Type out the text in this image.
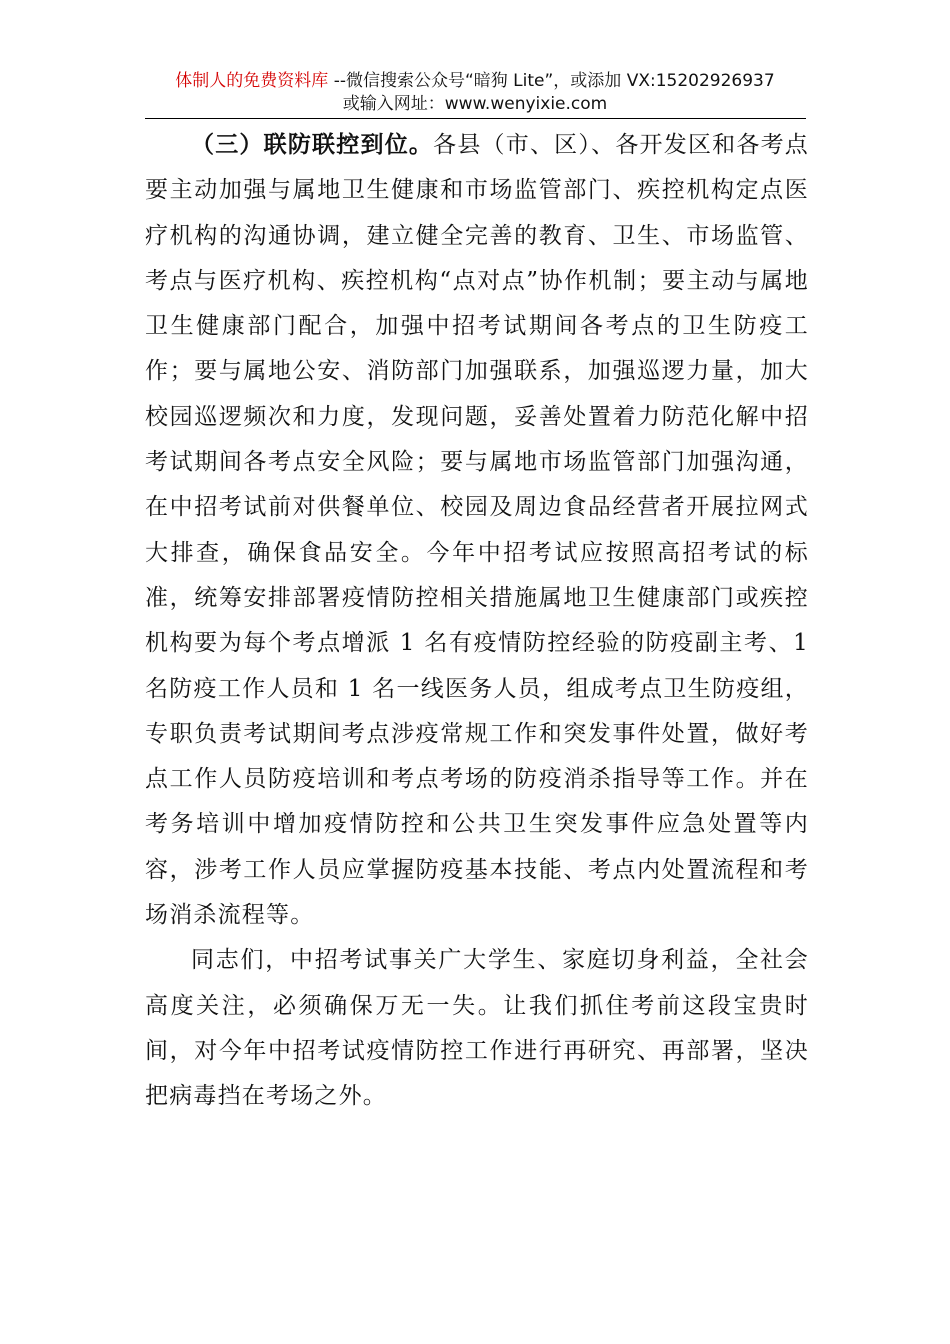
体制人的免费资料库 --微信搜索公众号“暗狗 Lite”，或添加 VX:15202926937
或输入网址：www.wenyixie.com

（三）联防联控到位。各县（市、区）、各开发区和各考点要主动加强与属地卫生健康和市场监管部门、疾控机构定点医疗机构的沟通协调，建立健全完善的教育、卫生、市场监管、考点与医疗机构、疾控机构“点对点”协作机制；要主动与属地卫生健康部门配合，加强中招考试期间各考点的卫生防疫工作；要与属地公安、消防部门加强联系，加强巡逻力量，加大校园巡逻频次和力度，发现问题，妥善处置着力防范化解中招考试期间各考点安全风险；要与属地市场监管部门加强沟通，在中招考试前对供餐单位、校园及周边食品经营者开展拉网式大排查，确保食品安全。今年中招考试应按照高招考试的标准，统筹安排部署疫情防控相关措施属地卫生健康部门或疾控机构要为每个考点增派 1 名有疫情防控经验的防疫副主考、1 名防疫工作人员和 1 名一线医务人员，组成考点卫生防疫组，专职负责考试期间考点涉疫常规工作和突发事件处置，做好考点工作人员防疫培训和考点考场的防疫消杀指导等工作。并在考务培训中增加疫情防控和公共卫生突发事件应急处置等内容，涉考工作人员应掌握防疫基本技能、考点内处置流程和考场消杀流程等。

同志们，中招考试事关广大学生、家庭切身利益，全社会高度关注，必须确保万无一失。让我们抓住考前这段宝贵时间，对今年中招考试疫情防控工作进行再研究、再部署，坚决把病毒挡在考场之外。
